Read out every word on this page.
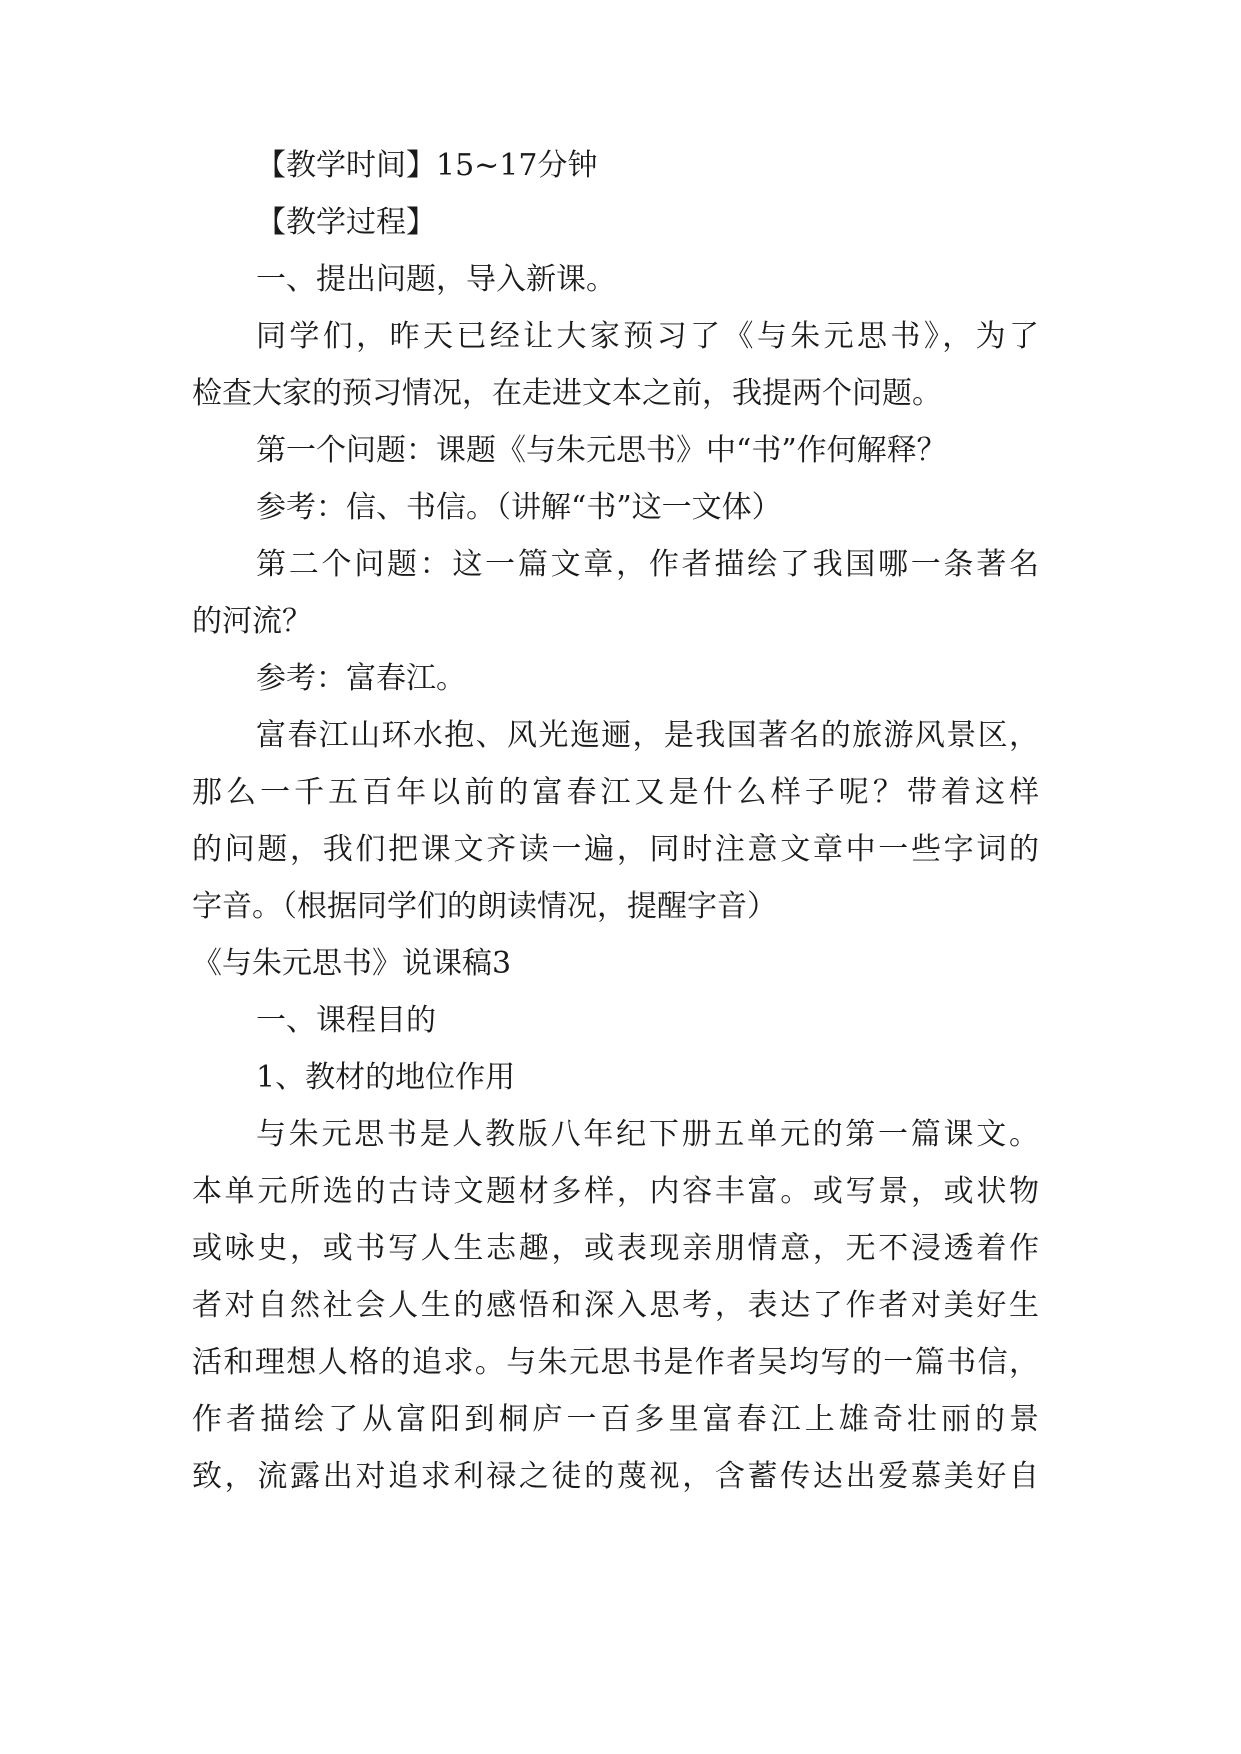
【教学时间】15~17分钟

【教学过程】

一、提出问题，导入新课。

同学们，昨天已经让大家预习了《与朱元思书》，为了

检查大家的预习情况，在走进文本之前，我提两个问题。

第一个问题：课题《与朱元思书》中“书”作何解释？

参考：信、书信。（讲解“书”这一文体）

第二个问题：这一篇文章，作者描绘了我国哪一条著名

的河流？

参考：富春江。

富春江山环水抱、风光迤逦，是我国著名的旅游风景区，

那么一千五百年以前的富春江又是什么样子呢？带着这样

的问题，我们把课文齐读一遍，同时注意文章中一些字词的

字音。（根据同学们的朗读情况，提醒字音）

《与朱元思书》说课稿3

一、课程目的

1、教材的地位作用

与朱元思书是人教版八年纪下册五单元的第一篇课文。

本单元所选的古诗文题材多样，内容丰富。或写景，或状物

或咏史，或书写人生志趣，或表现亲朋情意，无不浸透着作

者对自然社会人生的感悟和深入思考，表达了作者对美好生

活和理想人格的追求。与朱元思书是作者吴均写的一篇书信，

作者描绘了从富阳到桐庐一百多里富春江上雄奇壮丽的景

致，流露出对追求利禄之徒的蔑视，含蓄传达出爱慕美好自
